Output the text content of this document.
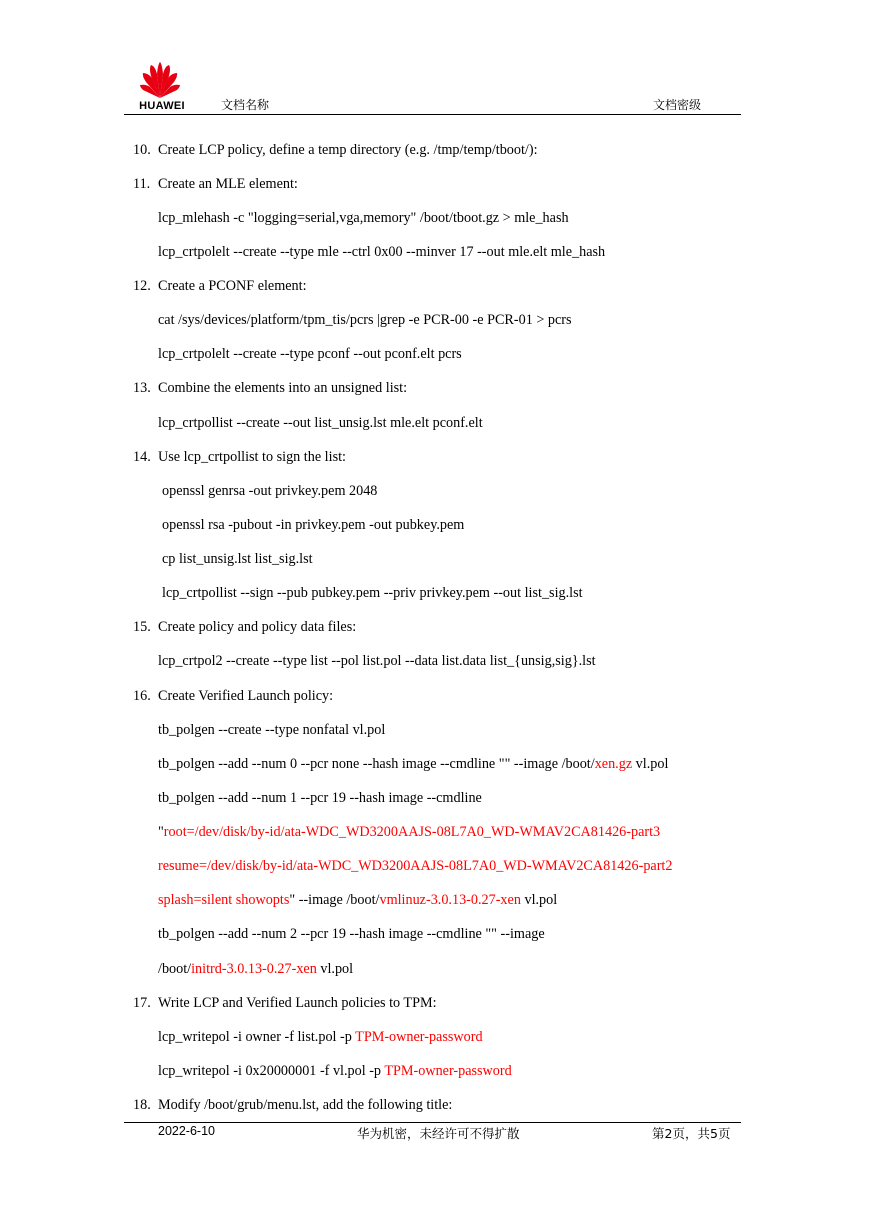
HUAWEI	文档名称	文档密级
10. Create LCP policy, define a temp directory (e.g. /tmp/temp/tboot/):
11. Create an MLE element:
lcp_mlehash -c "logging=serial,vga,memory" /boot/tboot.gz > mle_hash
lcp_crtpolelt --create --type mle --ctrl 0x00 --minver 17 --out mle.elt mle_hash
12. Create a PCONF element:
cat /sys/devices/platform/tpm_tis/pcrs |grep -e PCR-00 -e PCR-01 > pcrs
lcp_crtpolelt --create --type pconf --out pconf.elt pcrs
13. Combine the elements into an unsigned list:
lcp_crtpollist --create --out list_unsig.lst mle.elt pconf.elt
14. Use lcp_crtpollist to sign the list:
openssl genrsa -out privkey.pem 2048
openssl rsa -pubout -in privkey.pem -out pubkey.pem
cp list_unsig.lst list_sig.lst
lcp_crtpollist --sign --pub pubkey.pem --priv privkey.pem --out list_sig.lst
15. Create policy and policy data files:
lcp_crtpol2 --create --type list --pol list.pol --data list.data list_{unsig,sig}.lst
16. Create Verified Launch policy:
tb_polgen --create --type nonfatal vl.pol
tb_polgen --add --num 0 --pcr none --hash image --cmdline "" --image /boot/xen.gz vl.pol
tb_polgen --add --num 1 --pcr 19 --hash image --cmdline
"root=/dev/disk/by-id/ata-WDC_WD3200AAJS-08L7A0_WD-WMAV2CA81426-part3
resume=/dev/disk/by-id/ata-WDC_WD3200AAJS-08L7A0_WD-WMAV2CA81426-part2
splash=silent showopts" --image /boot/vmlinuz-3.0.13-0.27-xen vl.pol
tb_polgen --add --num 2 --pcr 19 --hash image --cmdline "" --image
/boot/initrd-3.0.13-0.27-xen vl.pol
17. Write LCP and Verified Launch policies to TPM:
lcp_writepol -i owner -f list.pol -p TPM-owner-password
lcp_writepol -i 0x20000001 -f vl.pol -p TPM-owner-password
18. Modify /boot/grub/menu.lst, add the following title:
2022-6-10	华为机密，未经许可不得扩散	第2页，共5页
